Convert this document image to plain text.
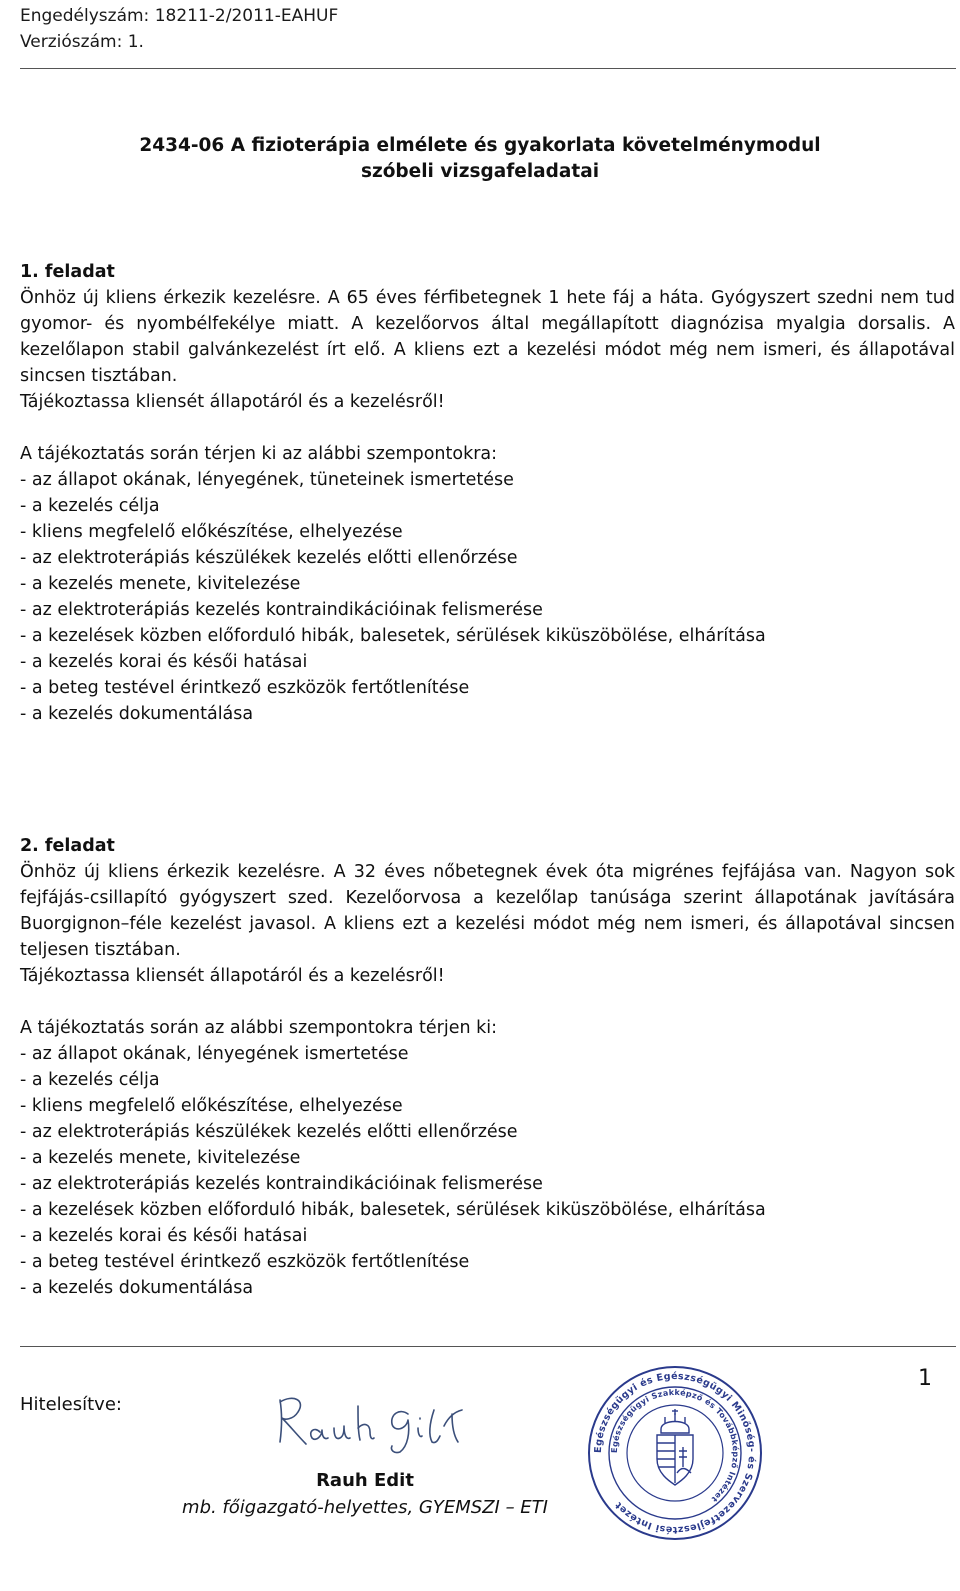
Engedélyszám: 18211-2/2011-EAHUF
Verziószám: 1.
2434-06 A fizioterápia elmélete és gyakorlata követelménymodul
szóbeli vizsgafeladatai
1. feladat

Önhöz új kliens érkezik kezelésre. A 65 éves férfibetegnek 1 hete fáj a háta. Gyógyszert szedni nem tud gyomor- és nyombélfekélye miatt. A kezelőorvos által megállapított diagnózisa myalgia dorsalis. A kezelőlapon stabil galvánkezelést írt elő. A kliens ezt a kezelési módot még nem ismeri, és állapotával sincsen tisztában.

Tájékoztassa kliensét állapotáról és a kezelésről!

A tájékoztatás során térjen ki az alábbi szempontokra:

- az állapot okának, lényegének, tüneteinek ismertetése
- a kezelés célja
- kliens megfelelő előkészítése, elhelyezése
- az elektroterápiás készülékek kezelés előtti ellenőrzése
- a kezelés menete, kivitelezése
- az elektroterápiás kezelés kontraindikációinak felismerése
- a kezelések közben előforduló hibák, balesetek, sérülések kiküszöbölése, elhárítása
- a kezelés korai és késői hatásai
- a beteg testével érintkező eszközök fertőtlenítése
- a kezelés dokumentálása
2. feladat

Önhöz új kliens érkezik kezelésre. A 32 éves nőbetegnek évek óta migrénes fejfájása van. Nagyon sok fejfájás-csillapító gyógyszert szed. Kezelőorvosa a kezelőlap tanúsága szerint állapotának javítására Buorgignon–féle kezelést javasol. A kliens ezt a kezelési módot még nem ismeri, és állapotával sincsen teljesen tisztában.

Tájékoztassa kliensét állapotáról és a kezelésről!

A tájékoztatás során az alábbi szempontokra térjen ki:

- az állapot okának, lényegének ismertetése
- a kezelés célja
- kliens megfelelő előkészítése, elhelyezése
- az elektroterápiás készülékek kezelés előtti ellenőrzése
- a kezelés menete, kivitelezése
- az elektroterápiás kezelés kontraindikációinak felismerése
- a kezelések közben előforduló hibák, balesetek, sérülések kiküszöbölése, elhárítása
- a kezelés korai és késői hatásai
- a beteg testével érintkező eszközök fertőtlenítése
- a kezelés dokumentálása
1
Hitelesítve:
Rauh Edit
mb. főigazgató-helyettes, GYEMSZI – ETI
Egészségügyi és Egészségügyi Minőség- és Szervezetfejlesztési Intézet
Egészségügyi Szakképző és Továbbképző Intézet
